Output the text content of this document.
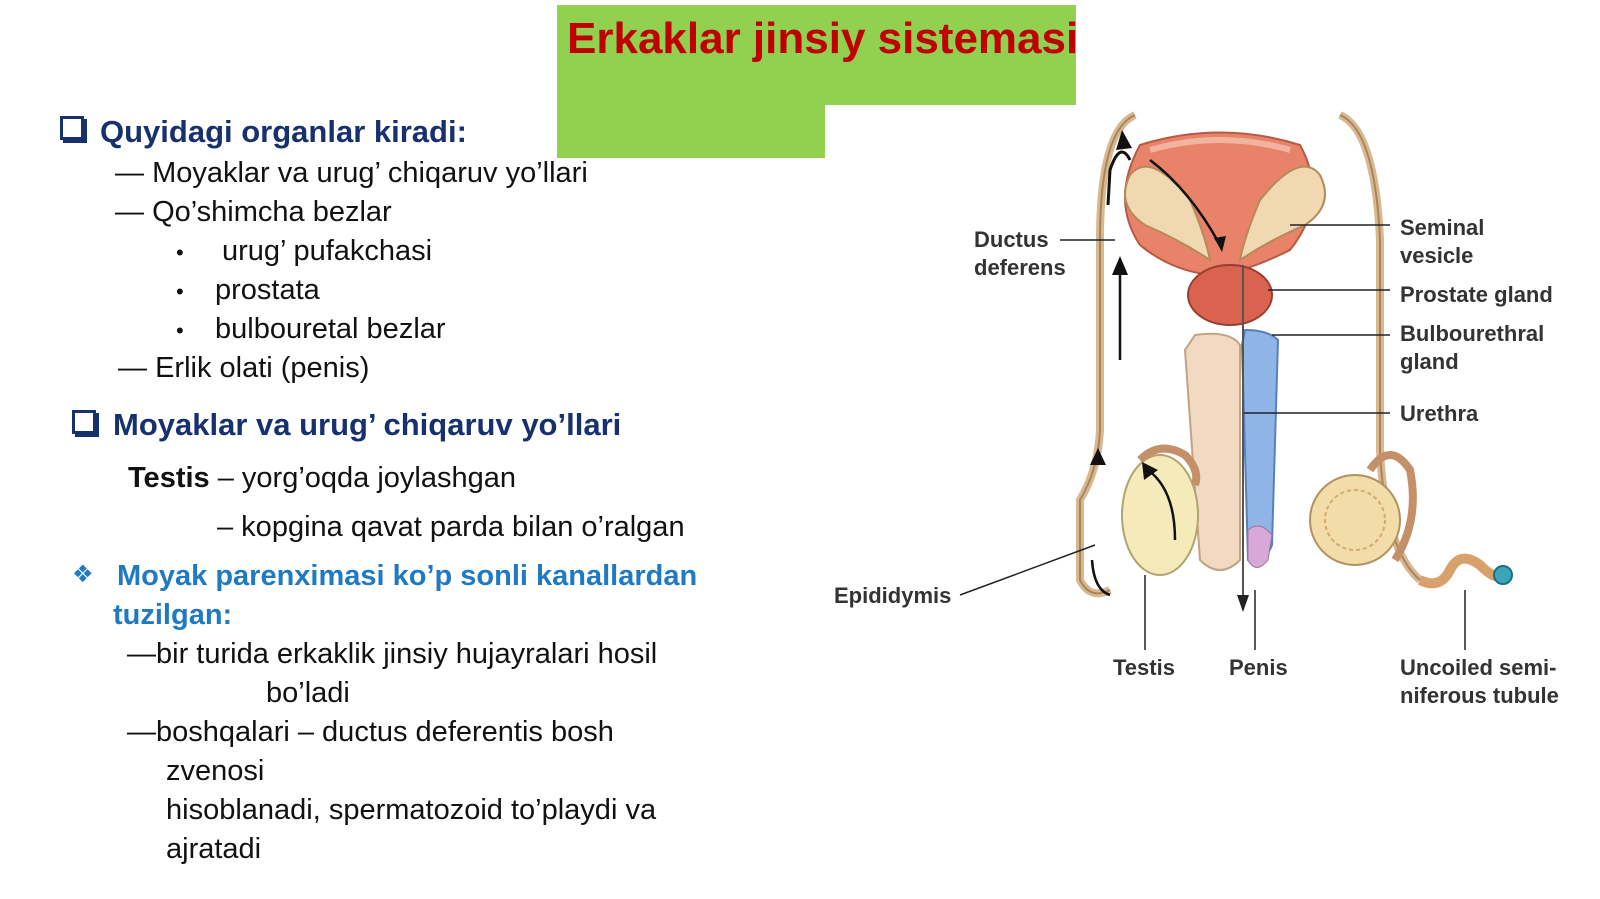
Erkaklar jinsiy sistemasi
Quyidagi organlar kiradi:
— Moyaklar va urug’ chiqaruv yo’llari
— Qo’shimcha bezlar
• urug’ pufakchasi
• prostata
• bulbouretal bezlar
— Erlik olati (penis)
Moyaklar va urug’ chiqaruv yo’llari
Testis – yorg’oqda joylashgan
– kopgina qavat parda bilan o’ralgan
❖ Moyak parenximasi ko’p sonli kanallardan
tuzilgan:
—bir turida erkaklik jinsiy hujayralari hosil
bo’ladi
—boshqalari – ductus deferentis bosh
zvenosi
hisoblanadi, spermatozoid to’playdi va
ajratadi
Ductus
deferens
Seminal
vesicle
Prostate gland
Bulbourethral
gland
Urethra
Epididymis
Testis Penis	Uncoiled semi-
niferous tubule
